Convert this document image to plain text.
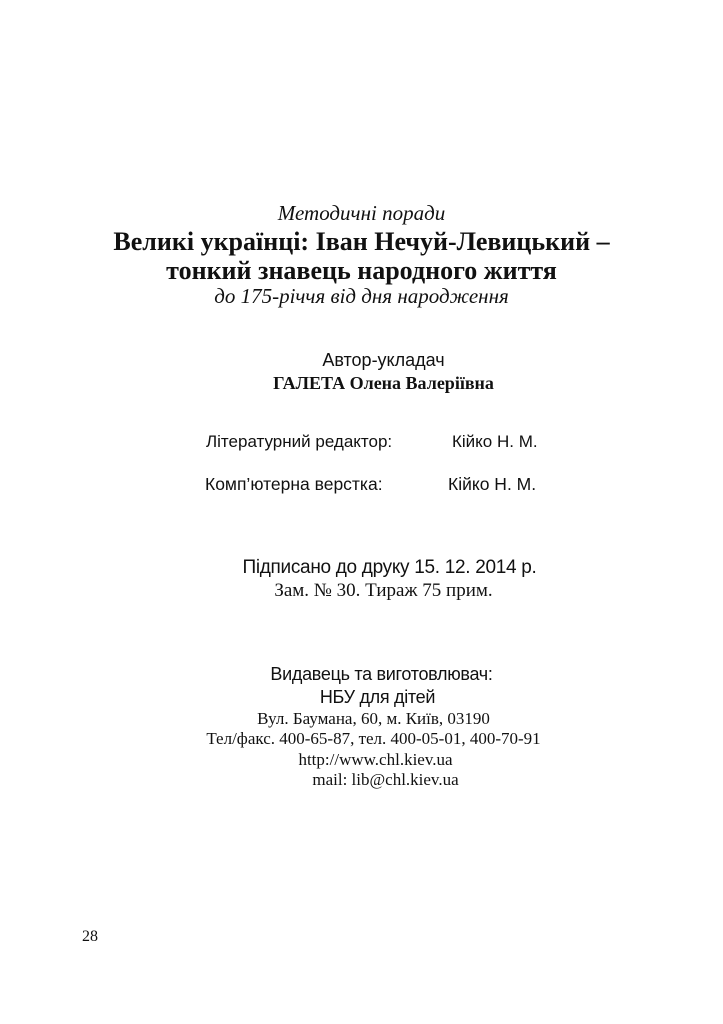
Методичні поради
Великі українці: Іван Нечуй-Левицький –
тонкий знавець народного життя
до 175-річчя від дня народження
Автор-укладач
ГАЛЕТА Олена Валеріївна
Літературний редактор:	Кійко Н. М.
Комп’ютерна верстка:	Кійко Н. М.
Підписано до друку 15. 12. 2014 р.
Зам. № 30. Тираж 75 прим.
Видавець та виготовлювач:
НБУ для дітей
Вул. Баумана, 60, м. Київ, 03190
Тел/факс. 400-65-87, тел. 400-05-01, 400-70-91
http://www.chl.kiev.ua
mail: lib@chl.kiev.ua
28
